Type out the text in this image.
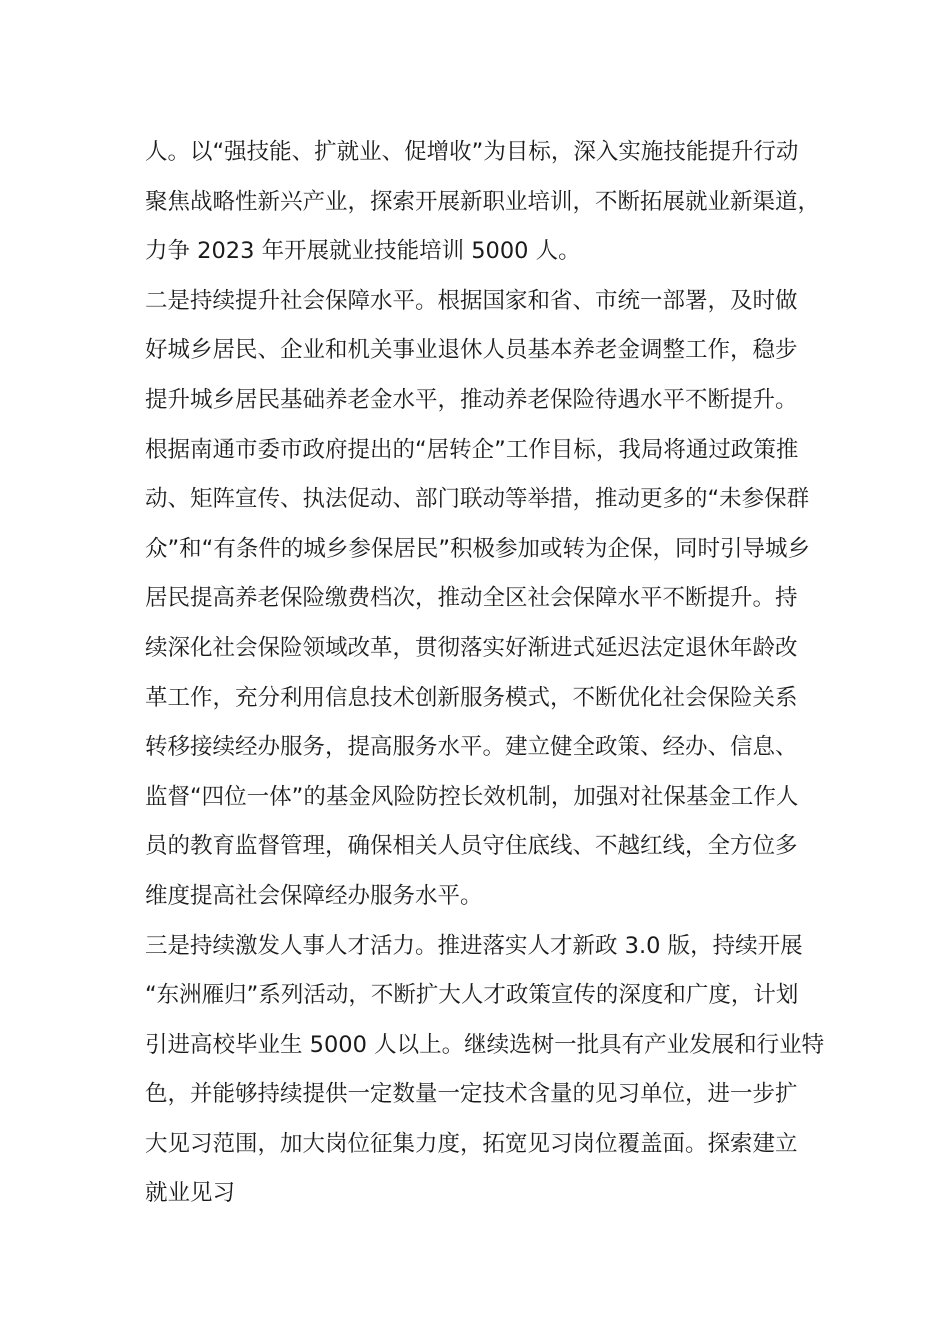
人。以“强技能、扩就业、促增收”为目标，深入实施技能提升行动
聚焦战略性新兴产业，探索开展新职业培训，不断拓展就业新渠道，
力争 2023 年开展就业技能培训 5000 人。
二是持续提升社会保障水平。根据国家和省、市统一部署，及时做
好城乡居民、企业和机关事业退休人员基本养老金调整工作，稳步
提升城乡居民基础养老金水平，推动养老保险待遇水平不断提升。
根据南通市委市政府提出的“居转企”工作目标，我局将通过政策推
动、矩阵宣传、执法促动、部门联动等举措，推动更多的“未参保群
众”和“有条件的城乡参保居民”积极参加或转为企保，同时引导城乡
居民提高养老保险缴费档次，推动全区社会保障水平不断提升。持
续深化社会保险领域改革，贯彻落实好渐进式延迟法定退休年龄改
革工作，充分利用信息技术创新服务模式，不断优化社会保险关系
转移接续经办服务，提高服务水平。建立健全政策、经办、信息、
监督“四位一体”的基金风险防控长效机制，加强对社保基金工作人
员的教育监督管理，确保相关人员守住底线、不越红线，全方位多
维度提高社会保障经办服务水平。
三是持续激发人事人才活力。推进落实人才新政 3.0 版，持续开展
“东洲雁归”系列活动，不断扩大人才政策宣传的深度和广度，计划
引进高校毕业生 5000 人以上。继续选树一批具有产业发展和行业特
色，并能够持续提供一定数量一定技术含量的见习单位，进一步扩
大见习范围，加大岗位征集力度，拓宽见习岗位覆盖面。探索建立
就业见习
